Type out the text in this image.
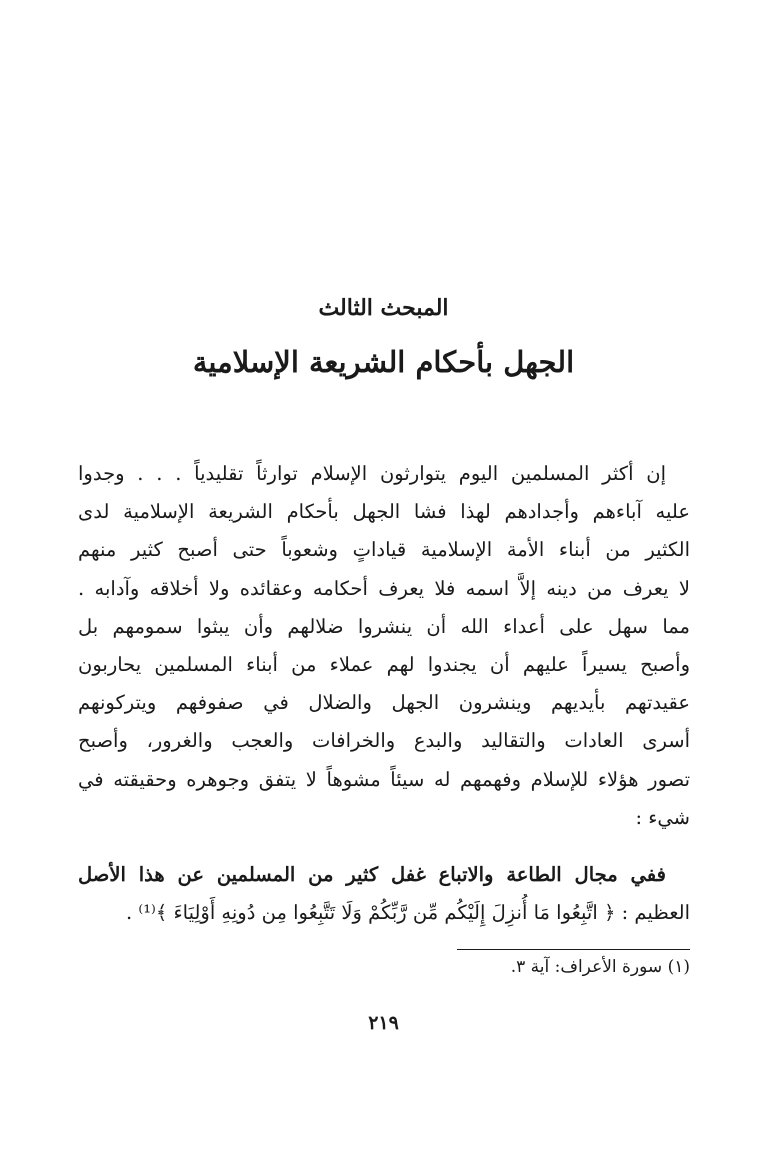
المبحث الثالث
الجهل بأحكام الشريعة الإسلامية
إن أكثر المسلمين اليوم يتوارثون الإسلام توارثاً تقليدياً . . . وجدوا
عليه آباءهم وأجدادهم لهذا فشا الجهل بأحكام الشريعة الإسلامية لدى
الكثير من أبناء الأمة الإسلامية قياداتٍ وشعوباً حتى أصبح كثير منهم
لا يعرف من دينه إلاَّ اسمه فلا يعرف أحكامه وعقائده ولا أخلاقه وآدابه .
مما سهل على أعداء الله أن ينشروا ضلالهم وأن يبثوا سمومهم بل
وأصبح يسيراً عليهم أن يجندوا لهم عملاء من أبناء المسلمين يحاربون
عقيدتهم بأيديهم وينشرون الجهل والضلال في صفوفهم ويتركونهم
أسرى العادات والتقاليد والبدع والخرافات والعجب والغرور، وأصبح
تصور هؤلاء للإسلام وفهمهم له سيئاً مشوهاً لا يتفق وجوهره وحقيقته في
شيء :
ففي مجال الطاعة والاتباع غفل كثير من المسلمين عن هذا الأصل
العظيم : ﴿ اتَّبِعُوا مَا أُنزِلَ إِلَيْكُم مِّن رَّبِّكُمْ وَلَا تَتَّبِعُوا مِن دُونِهِ أَوْلِيَاءَ ﴾⁽¹⁾ .
(١) سورة الأعراف: آية ٣.
٢١٩
